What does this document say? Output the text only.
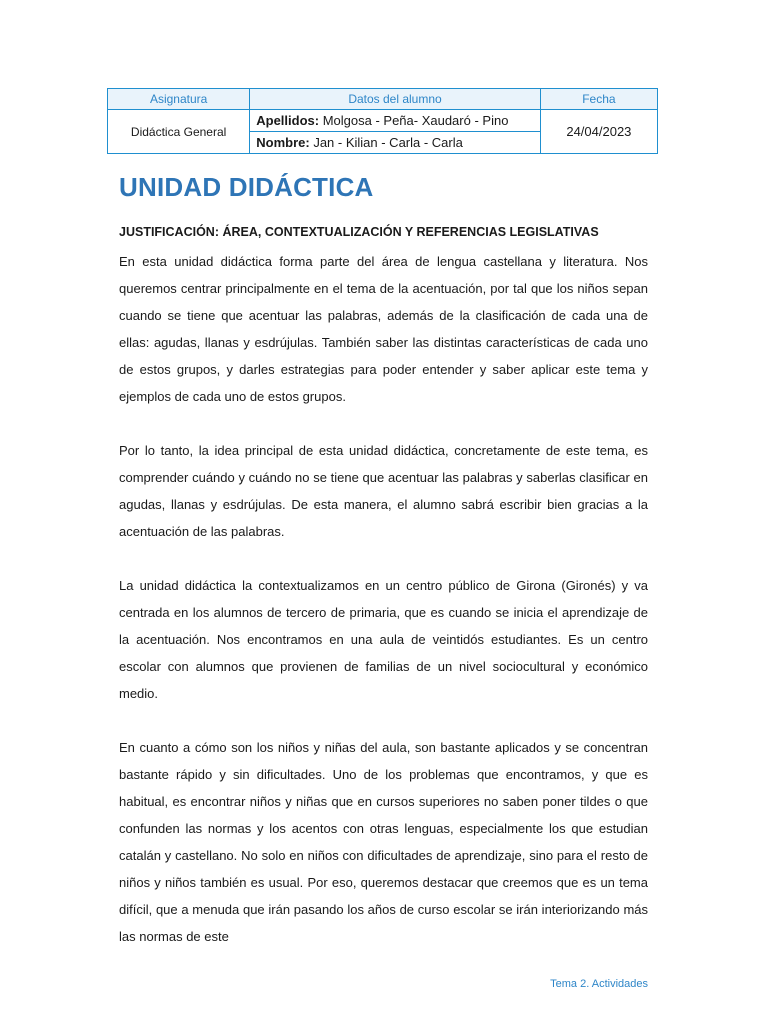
Asignatura	Datos del alumno	Fecha
Didáctica General	Apellidos: Molgosa - Peña- Xaudaró - Pino
Nombre: Jan - Kilian - Carla - Carla	24/04/2023
UNIDAD DIDÁCTICA
JUSTIFICACIÓN: ÁREA, CONTEXTUALIZACIÓN Y REFERENCIAS LEGISLATIVAS

En esta unidad didáctica forma parte del área de lengua castellana y literatura. Nos queremos centrar principalmente en el tema de la acentuación, por tal que los niños sepan cuando se tiene que acentuar las palabras, además de la clasificación de cada una de ellas: agudas, llanas y esdrújulas. También saber las distintas características de cada uno de estos grupos, y darles estrategias para poder entender y saber aplicar este tema y ejemplos de cada uno de estos grupos.

Por lo tanto, la idea principal de esta unidad didáctica, concretamente de este tema, es comprender cuándo y cuándo no se tiene que acentuar las palabras y saberlas clasificar en agudas, llanas y esdrújulas. De esta manera, el alumno sabrá escribir bien gracias a la acentuación de las palabras.

La unidad didáctica la contextualizamos en un centro público de Girona (Gironés) y va centrada en los alumnos de tercero de primaria, que es cuando se inicia el aprendizaje de la acentuación. Nos encontramos en una aula de veintidós estudiantes. Es un centro escolar con alumnos que provienen de familias de un nivel sociocultural y económico medio.

En cuanto a cómo son los niños y niñas del aula, son bastante aplicados y se concentran bastante rápido y sin dificultades. Uno de los problemas que encontramos, y que es habitual, es encontrar niños y niñas que en cursos superiores no saben poner tildes o que confunden las normas y los acentos con otras lenguas, especialmente los que estudian catalán y castellano. No solo en niños con dificultades de aprendizaje, sino para el resto de niños y niños también es usual. Por eso, queremos destacar que creemos que es un tema difícil, que a menuda que irán pasando los años de curso escolar se irán interiorizando más las normas de este

Tema 2. Actividades
